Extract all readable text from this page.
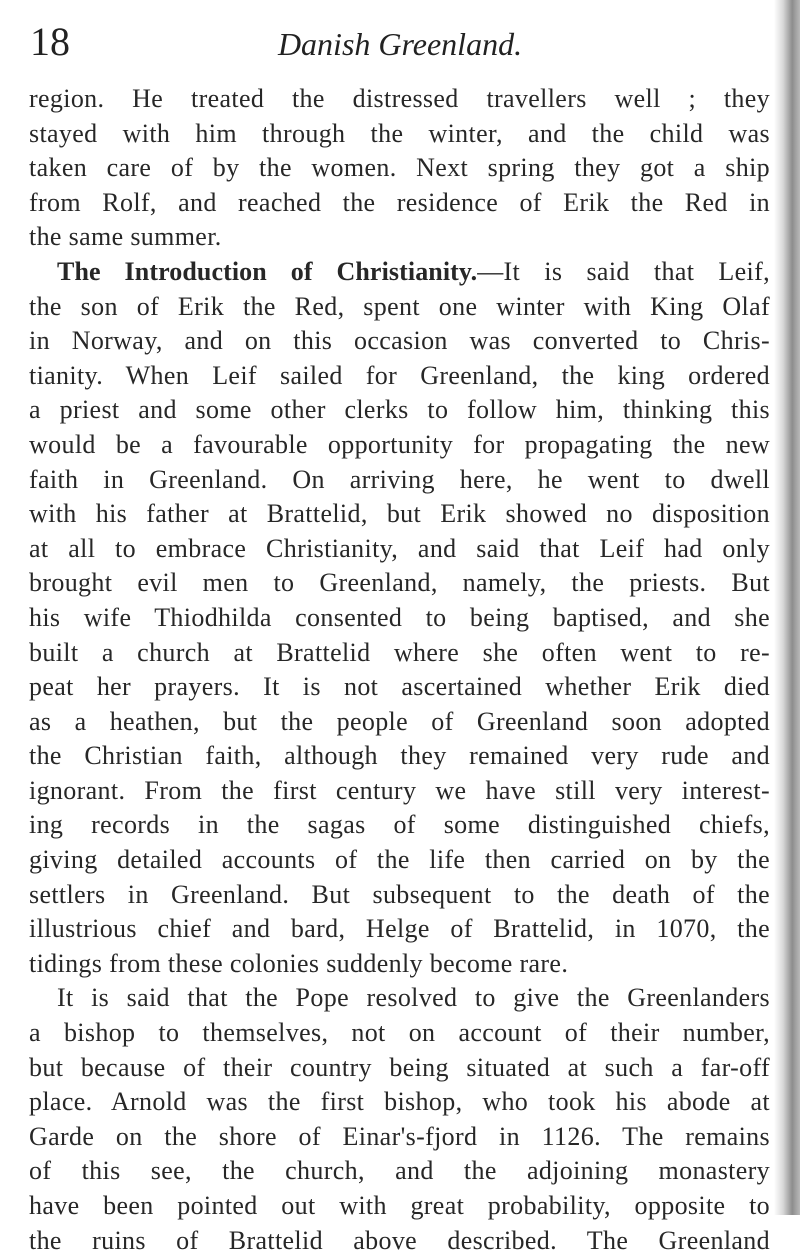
18	Danish Greenland.
region. He treated the distressed travellers well ; they
stayed with him through the winter, and the child was
taken care of by the women. Next spring they got a ship
from Rolf, and reached the residence of Erik the Red in
the same summer.
The Introduction of Christianity.—It is said that Leif,
the son of Erik the Red, spent one winter with King Olaf
in Norway, and on this occasion was converted to Chris-
tianity. When Leif sailed for Greenland, the king ordered
a priest and some other clerks to follow him, thinking this
would be a favourable opportunity for propagating the new
faith in Greenland. On arriving here, he went to dwell
with his father at Brattelid, but Erik showed no disposition
at all to embrace Christianity, and said that Leif had only
brought evil men to Greenland, namely, the priests. But
his wife Thiodhilda consented to being baptised, and she
built a church at Brattelid where she often went to re-
peat her prayers. It is not ascertained whether Erik died
as a heathen, but the people of Greenland soon adopted
the Christian faith, although they remained very rude and
ignorant. From the first century we have still very interest-
ing records in the sagas of some distinguished chiefs,
giving detailed accounts of the life then carried on by the
settlers in Greenland. But subsequent to the death of the
illustrious chief and bard, Helge of Brattelid, in 1070, the
tidings from these colonies suddenly become rare.
It is said that the Pope resolved to give the Greenlanders
a bishop to themselves, not on account of their number,
but because of their country being situated at such a far-off
place. Arnold was the first bishop, who took his abode at
Garde on the shore of Einar's-fjord in 1126. The remains
of this see, the church, and the adjoining monastery
have been pointed out with great probability, opposite to
the ruins of Brattelid above described. The Greenland
